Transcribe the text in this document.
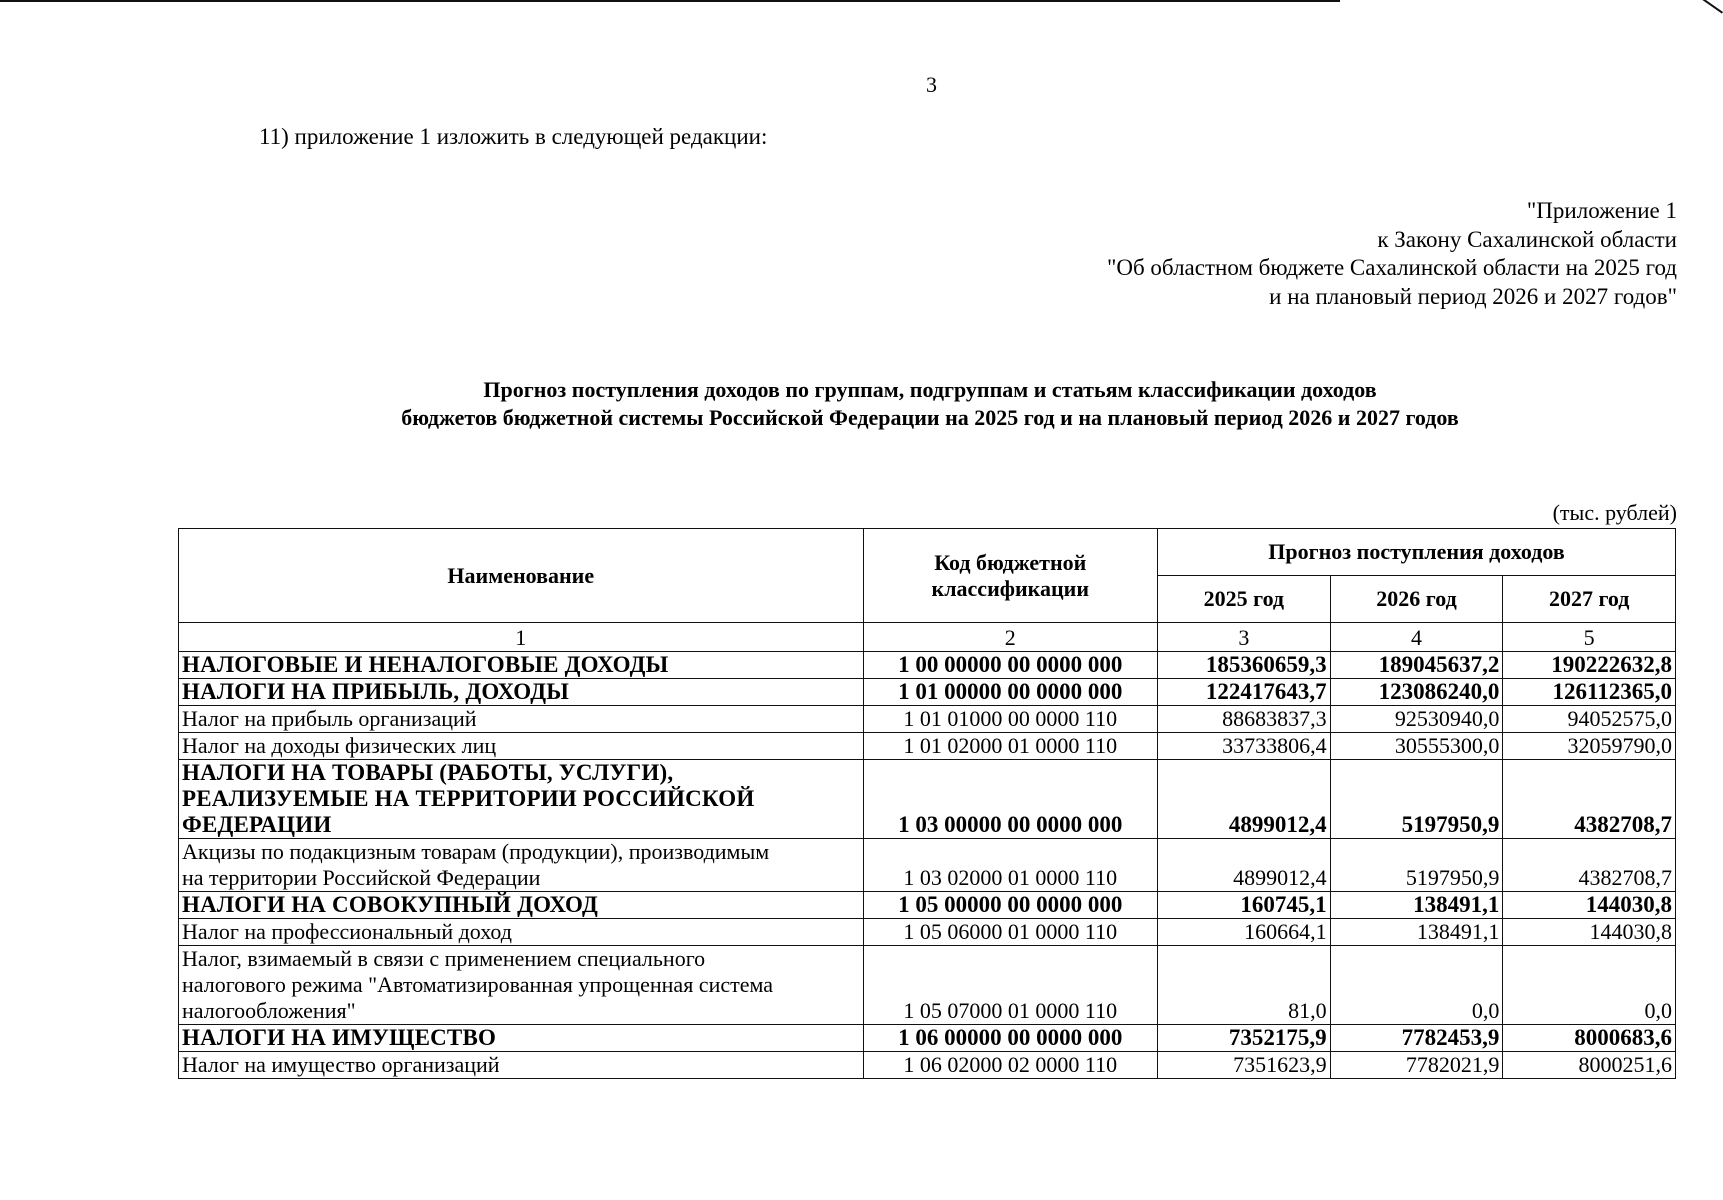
3
11) приложение 1 изложить в следующей редакции:
"Приложение 1
к Закону Сахалинской области
"Об областном бюджете Сахалинской области на 2025 год
и на плановый период 2026 и 2027 годов"
Прогноз поступления доходов по группам, подгруппам и статьям классификации доходов
бюджетов бюджетной системы Российской Федерации на 2025 год и на плановый период 2026 и 2027 годов
(тыс. рублей)
Наименование	Код бюджетной классификации	Прогноз поступления доходов		
		2025 год	2026 год	2027 год
1	2	3	4	5
НАЛОГОВЫЕ И НЕНАЛОГОВЫЕ ДОХОДЫ	1 00 00000 00 0000 000	185360659,3	189045637,2	190222632,8
НАЛОГИ НА ПРИБЫЛЬ, ДОХОДЫ	1 01 00000 00 0000 000	122417643,7	123086240,0	126112365,0
Налог на прибыль организаций	1 01 01000 00 0000 110	88683837,3	92530940,0	94052575,0
Налог на доходы физических лиц	1 01 02000 01 0000 110	33733806,4	30555300,0	32059790,0

НАЛОГИ НА ТОВАРЫ (РАБОТЫ, УСЛУГИ),
РЕАЛИЗУЕМЫЕ НА ТЕРРИТОРИИ РОССИЙСКОЙ
ФЕДЕРАЦИИ	1 03 00000 00 0000 000	4899012,4	5197950,9	4382708,7

Акцизы по подакцизным товарам (продукции), производимым
на территории Российской Федерации	1 03 02000 01 0000 110	4899012,4	5197950,9	4382708,7
НАЛОГИ НА СОВОКУПНЫЙ ДОХОД	1 05 00000 00 0000 000	160745,1	138491,1	144030,8
Налог на профессиональный доход	1 05 06000 01 0000 110	160664,1	138491,1	144030,8

Налог, взимаемый в связи с применением специального
налогового режима "Автоматизированная упрощенная система
налогообложения"	1 05 07000 01 0000 110	81,0	0,0	0,0
НАЛОГИ НА ИМУЩЕСТВО	1 06 00000 00 0000 000	7352175,9	7782453,9	8000683,6
Налог на имущество организаций	1 06 02000 02 0000 110	7351623,9	7782021,9	8000251,6
